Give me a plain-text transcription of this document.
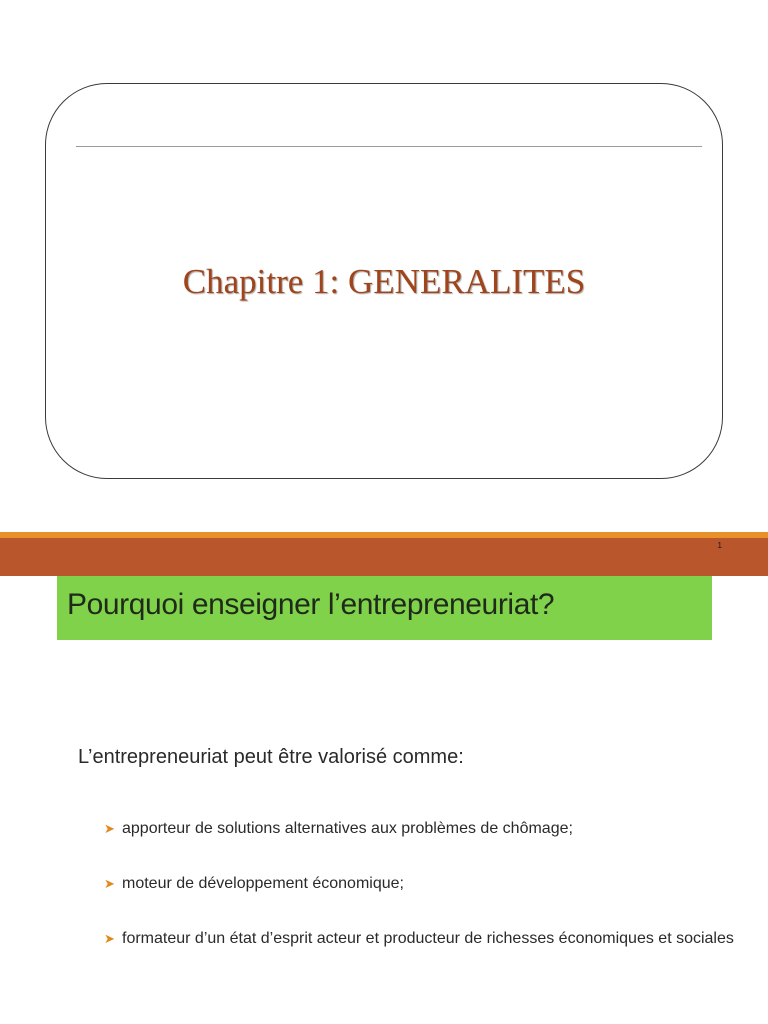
Chapitre 1: GENERALITES
1
Pourquoi enseigner l’entrepreneuriat?
L’entrepreneuriat peut être valorisé comme:
➤ apporteur de solutions alternatives aux problèmes de chômage;
➤ moteur de développement économique;
➤ formateur d’un état d’esprit acteur et producteur de richesses économiques et sociales
